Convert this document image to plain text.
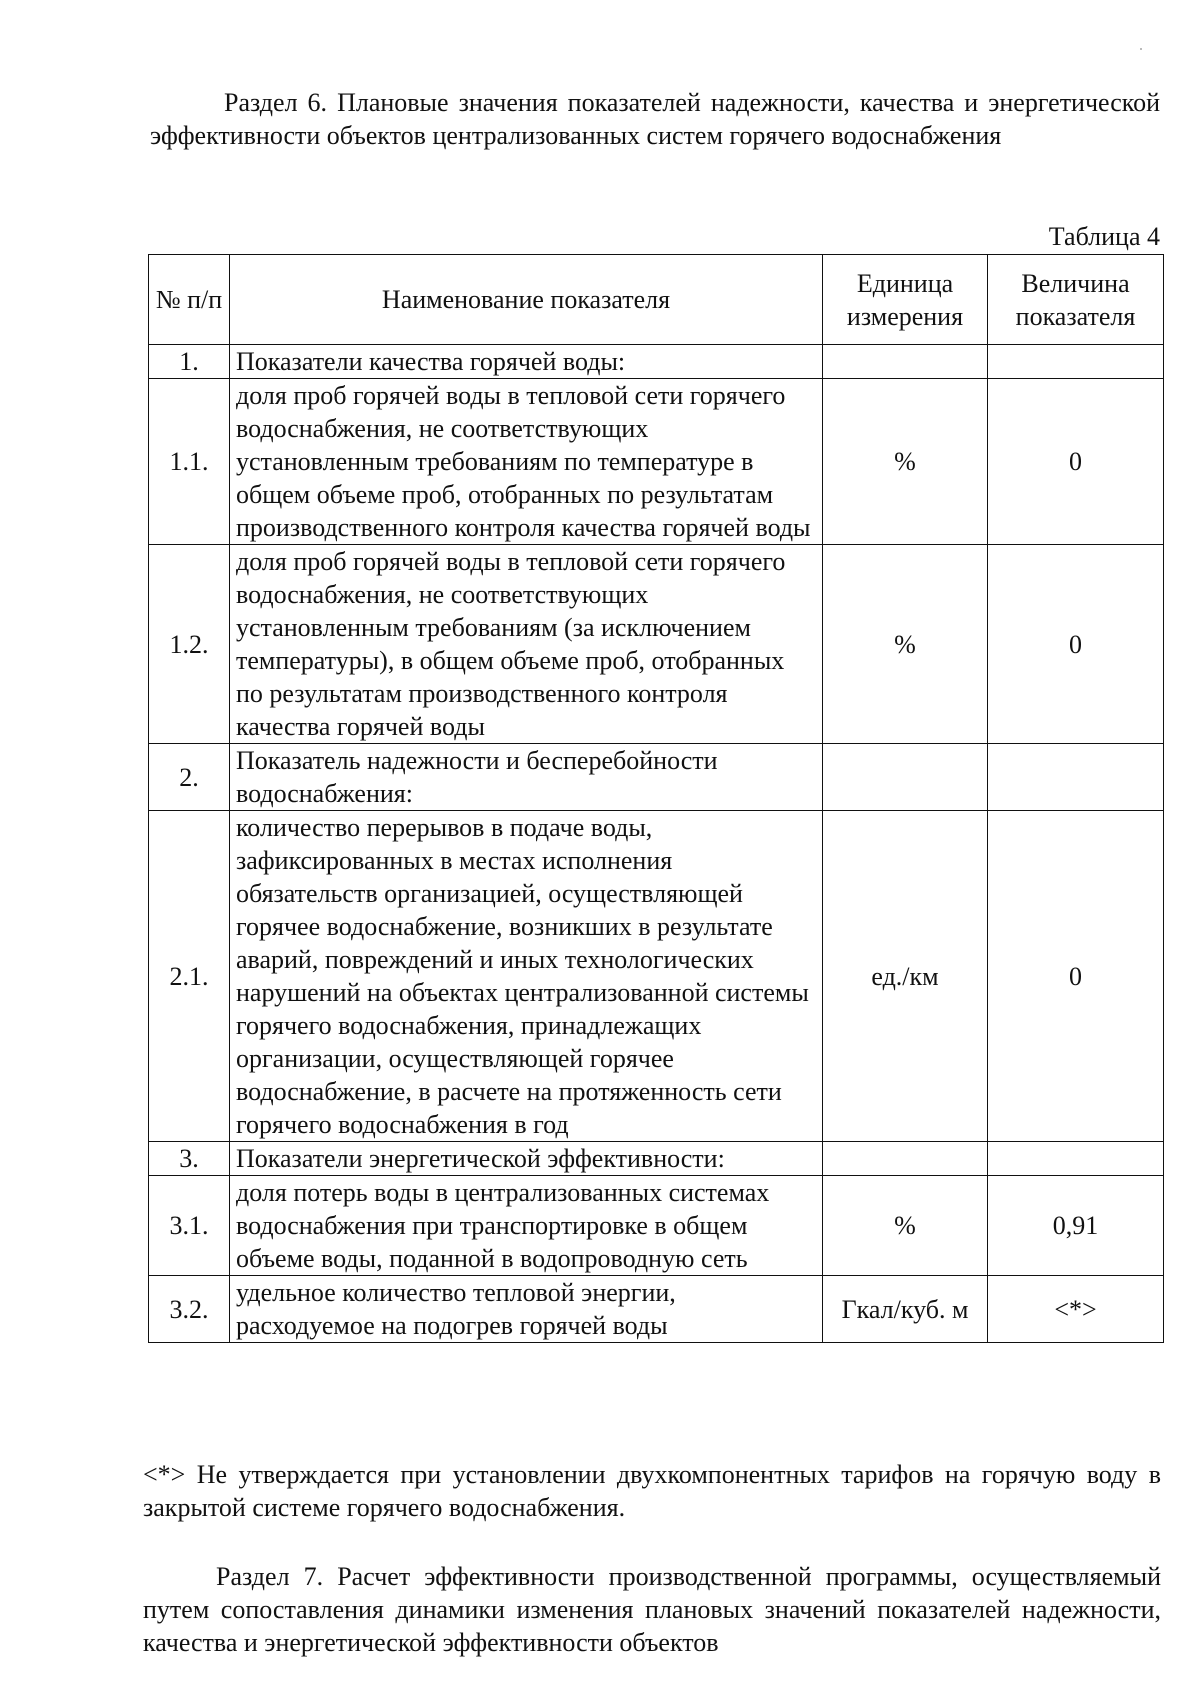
Раздел 6. Плановые значения показателей надежности, качества и энергетической эффективности объектов централизованных систем горячего водоснабжения
Таблица 4
№ п/п	Наименование показателя	Единица измерения	Величина показателя
1.	Показатели качества горячей воды:		
1.1.	доля проб горячей воды в тепловой сети горячего водоснабжения, не соответствующих установленным требованиям по температуре в общем объеме проб, отобранных по результатам производственного контроля качества горячей воды	%	0
1.2.	доля проб горячей воды в тепловой сети горячего водоснабжения, не соответствующих установленным требованиям (за исключением температуры), в общем объеме проб, отобранных по результатам производственного контроля качества горячей воды	%	0
2.	Показатель надежности и бесперебойности водоснабжения:		
2.1.	количество перерывов в подаче воды, зафиксированных в местах исполнения обязательств организацией, осуществляющей горячее водоснабжение, возникших в результате аварий, повреждений и иных технологических нарушений на объектах централизованной системы горячего водоснабжения, принадлежащих организации, осуществляющей горячее водоснабжение, в расчете на протяженность сети горячего водоснабжения в год	ед./км	0
3.	Показатели энергетической эффективности:		
3.1.	доля потерь воды в централизованных системах водоснабжения при транспортировке в общем объеме воды, поданной в водопроводную сеть	%	0,91
3.2.	удельное количество тепловой энергии, расходуемое на подогрев горячей воды	Гкал/куб. м	<*>
<*> Не утверждается при установлении двухкомпонентных тарифов на горячую воду в закрытой системе горячего водоснабжения.
Раздел 7. Расчет эффективности производственной программы, осуществляемый путем сопоставления динамики изменения плановых значений показателей надежности, качества и энергетической эффективности объектов
